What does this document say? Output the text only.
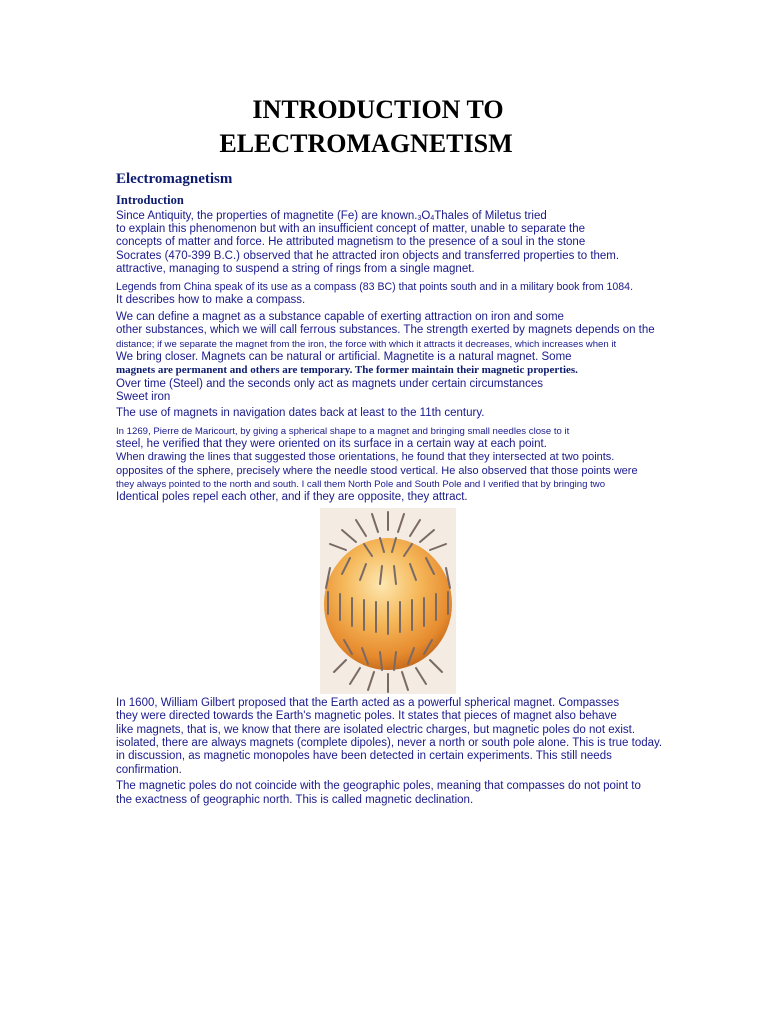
INTRODUCTION TO
ELECTROMAGNETISM
Electromagnetism
Introduction
Since Antiquity, the properties of magnetite (Fe) are known.3O4Thales of Miletus tried
to explain this phenomenon but with an insufficient concept of matter, unable to separate the
concepts of matter and force. He attributed magnetism to the presence of a soul in the stone
Socrates (470-399 B.C.) observed that he attracted iron objects and transferred properties to them.
attractive, managing to suspend a string of rings from a single magnet.
Legends from China speak of its use as a compass (83 BC) that points south and in a military book from 1084.
It describes how to make a compass.
We can define a magnet as a substance capable of exerting attraction on iron and some
other substances, which we will call ferrous substances. The strength exerted by magnets depends on the
distance; if we separate the magnet from the iron, the force with which it attracts it decreases, which increases when it
We bring closer. Magnets can be natural or artificial. Magnetite is a natural magnet. Some
magnets are permanent and others are temporary. The former maintain their magnetic properties.
Over time (Steel) and the seconds only act as magnets under certain circumstances
Sweet iron
The use of magnets in navigation dates back at least to the 11th century.
In 1269, Pierre de Maricourt, by giving a spherical shape to a magnet and bringing small needles close to it
steel, he verified that they were oriented on its surface in a certain way at each point.
When drawing the lines that suggested those orientations, he found that they intersected at two points.
opposites of the sphere, precisely where the needle stood vertical. He also observed that those points were
they always pointed to the north and south. I call them North Pole and South Pole and I verified that by bringing two
Identical poles repel each other, and if they are opposite, they attract.
In 1600, William Gilbert proposed that the Earth acted as a powerful spherical magnet. Compasses
they were directed towards the Earth's magnetic poles. It states that pieces of magnet also behave
like magnets, that is, we know that there are isolated electric charges, but magnetic poles do not exist.
isolated, there are always magnets (complete dipoles), never a north or south pole alone. This is true today.
in discussion, as magnetic monopoles have been detected in certain experiments. This still needs
confirmation.
The magnetic poles do not coincide with the geographic poles, meaning that compasses do not point to
the exactness of geographic north. This is called magnetic declination.
